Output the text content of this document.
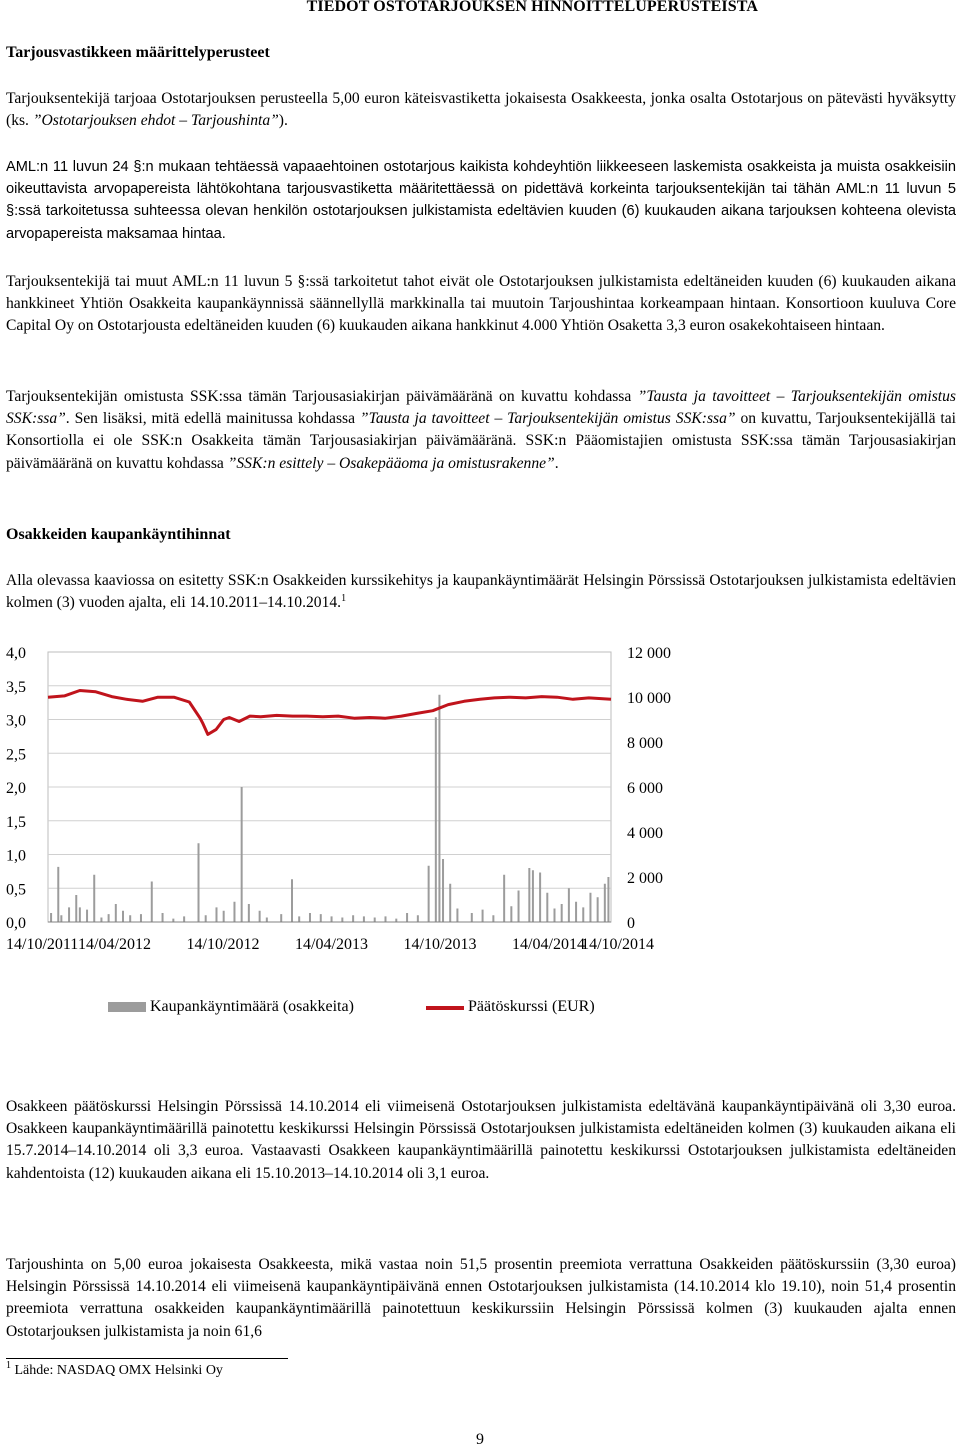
TIEDOT OSTOTARJOUKSEN HINNOITTELUPERUSTEISTA
Tarjousvastikkeen määrittelyperusteet

Tarjouksentekijä tarjoaa Ostotarjouksen perusteella 5,00 euron käteisvastiketta jokaisesta Osakkeesta, jonka osalta Ostotarjous on pätevästi hyväksytty (ks. ”Ostotarjouksen ehdot – Tarjoushinta”).

AML:n 11 luvun 24 §:n mukaan tehtäessä vapaaehtoinen ostotarjous kaikista kohdeyhtiön liikkeeseen laskemista osakkeista ja muista osakkeisiin oikeuttavista arvopapereista lähtökohtana tarjousvastiketta määritettäessä on pidettävä korkeinta tarjouksentekijän tai tähän AML:n 11 luvun 5 §:ssä tarkoitetussa suhteessa olevan henkilön ostotarjouksen julkistamista edeltävien kuuden (6) kuukauden aikana tarjouksen kohteena olevista arvopapereista maksamaa hintaa.

Tarjouksentekijä tai muut AML:n 11 luvun 5 §:ssä tarkoitetut tahot eivät ole Ostotarjouksen julkistamista edeltäneiden kuuden (6) kuukauden aikana hankkineet Yhtiön Osakkeita kaupankäynnissä säännellyllä markkinalla tai muutoin Tarjoushintaa korkeampaan hintaan. Konsortioon kuuluva Core Capital Oy on Ostotarjousta edeltäneiden kuuden (6) kuukauden aikana hankkinut 4.000 Yhtiön Osaketta 3,3 euron osakekohtaiseen hintaan.

Tarjouksentekijän omistusta SSK:ssa tämän Tarjousasiakirjan päivämääränä on kuvattu kohdassa ”Tausta ja tavoitteet – Tarjouksentekijän omistus SSK:ssa”. Sen lisäksi, mitä edellä mainitussa kohdassa ”Tausta ja tavoitteet – Tarjouksentekijän omistus SSK:ssa” on kuvattu, Tarjouksentekijällä tai Konsortiolla ei ole SSK:n Osakkeita tämän Tarjousasiakirjan päivämääränä. SSK:n Pääomistajien omistusta SSK:ssa tämän Tarjousasiakirjan päivämääränä on kuvattu kohdassa ”SSK:n esittely – Osakepääoma ja omistusrakenne”.

Osakkeiden kaupankäyntihinnat

Alla olevassa kaaviossa on esitetty SSK:n Osakkeiden kurssikehitys ja kaupankäyntimäärät Helsingin Pörssissä Ostotarjouksen julkistamista edeltävien kolmen (3) vuoden ajalta, eli 14.10.2011–14.10.2014.$^1$

4,0
3,5
3,0
2,5
2,0
1,5
1,0
0,5
0,0
12 000
10 000
8 000
6 000
4 000
2 000
0
14/10/2011 14/04/2012 14/10/2012 14/04/2013 14/10/2013 14/04/2014
14/10/2014
Kaupankäyntimäärä (osakkeita)	Päätöskurssi (EUR)

Osakkeen päätöskurssi Helsingin Pörssissä 14.10.2014 eli viimeisenä Ostotarjouksen julkistamista edeltävänä kaupankäyntipäivänä oli 3,30 euroa. Osakkeen kaupankäyntimäärillä painotettu keskikurssi Helsingin Pörssissä Ostotarjouksen julkistamista edeltäneiden kolmen (3) kuukauden aikana eli 15.7.2014–14.10.2014 oli 3,3 euroa. Vastaavasti Osakkeen kaupankäyntimäärillä painotettu keskikurssi Ostotarjouksen julkistamista edeltäneiden kahdentoista (12) kuukauden aikana eli 15.10.2013–14.10.2014 oli 3,1 euroa.

Tarjoushinta on 5,00 euroa jokaisesta Osakkeesta, mikä vastaa noin 51,5 prosentin preemiota verrattuna Osakkeiden päätöskurssiin (3,30 euroa) Helsingin Pörssissä 14.10.2014 eli viimeisenä kaupankäyntipäivänä ennen Ostotarjouksen julkistamista (14.10.2014 klo 19.10), noin 51,4 prosentin preemiota verrattuna osakkeiden kaupankäyntimäärillä painotettuun keskikurssiin Helsingin Pörssissä kolmen (3) kuukauden ajalta ennen Ostotarjouksen julkistamista ja noin 61,6

$^1$ Lähde: NASDAQ OMX Helsinki Oy
9
